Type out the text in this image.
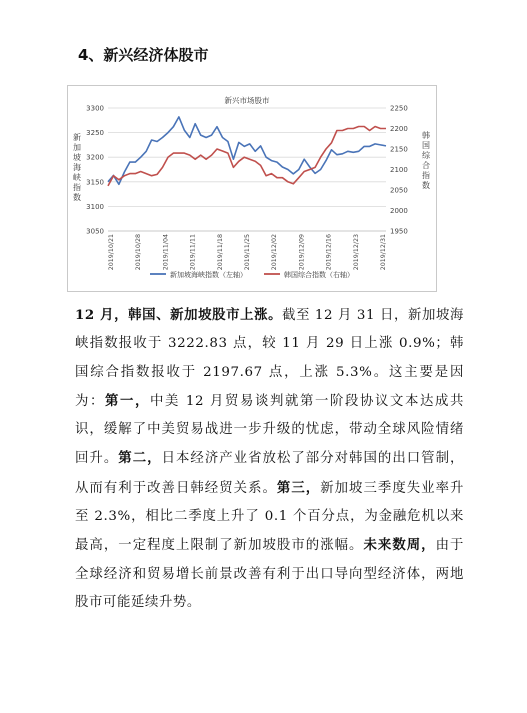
4、新兴经济体股市
新兴市场股市
3300
3250
3200
3150
3100
3050
2250
2200
2150
2100
2050
2000
1950
新
加
坡
海
峡
指
数
韩
国
综
合
指
数
2019/10/21	2019/10/28	2019/11/04	2019/11/11	2019/11/18	2019/11/25	2019/12/02	2019/12/09	2019/12/16	2019/12/23	2019/12/31
新加坡海峡指数（左轴）	韩国综合指数（右轴）
12 月，韩国、新加坡股市上涨。截至 12 月 31 日，新加坡海峡指数报收于 3222.83 点，较 11 月 29 日上涨 0.9%；韩国综合指数报收于 2197.67 点，上涨 5.3%。这主要是因为：第一，中美 12 月贸易谈判就第一阶段协议文本达成共识，缓解了中美贸易战进一步升级的忧虑，带动全球风险情绪回升。第二，日本经济产业省放松了部分对韩国的出口管制，从而有利于改善日韩经贸关系。第三，新加坡三季度失业率升至 2.3%，相比二季度上升了 0.1 个百分点，为金融危机以来最高，一定程度上限制了新加坡股市的涨幅。未来数周，由于全球经济和贸易增长前景改善有利于出口导向型经济体，两地股市可能延续升势。
